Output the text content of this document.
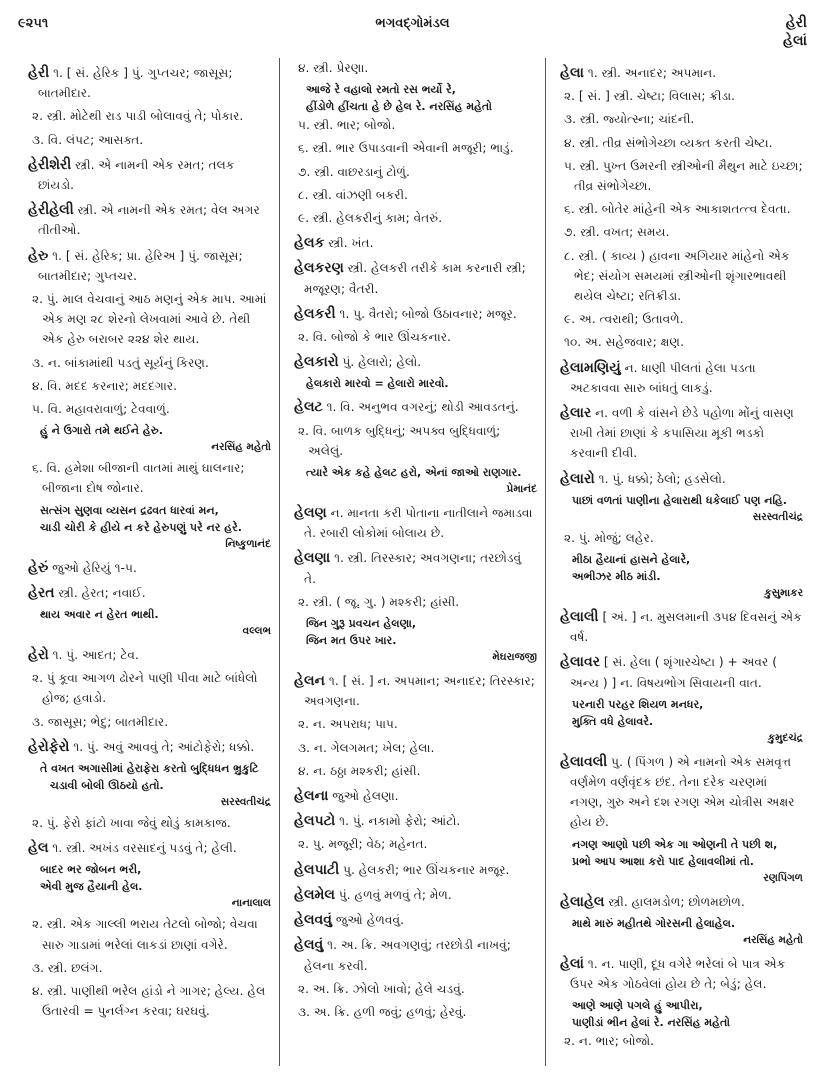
૯૨૫૧	ભગવદ્ગોમંડલ	હેરી
હેલાં
હેરી ૧. [ સં. હેરિક ] પું. ગુપ્તચર; જાસૂસ; બાતમીદાર.
૨. સ્ત્રી. મોટેથી રાડ પાડી બોલાવવું તે; પોકાર.
૩. વિ. લંપટ; આસક્ત.
હેરીશેરી સ્ત્રી. એ નામની એક રમત; તલક છાંયડો.
હેરીહેલી સ્ત્રી. એ નામની એક રમત; વેલ અગર તીતીઓ.
હેરુ ૧. [ સં. હેરિક; પ્રા. હેરિઅ ] પું. જાસૂસ; બાતમીદાર; ગુપ્તચર.
૨. પું. માલ વેચવાનું આઠ મણનું એક માપ. આમાં એક મણ ૨૮ શેરનો લેખવામાં આવે છે. તેથી એક હેરુ બરાબર ૨૨૪ શેર થાય.
૩. ન. બાંકામાંથી પડતું સૂર્યનું કિરણ.
૪. વિ. મદદ કરનાર; મદદગાર.
૫. વિ. મહાવરાવાળું; ટેવવાળું.
હું ને ઉગારો તમે થઈને હેરુ.
નરસિંહ મહેતો
૬. વિ. હમેશા બીજાની વાતમાં માથું ઘાલનાર; બીજાના દોષ જોનાર.
સત્સંગ સુણવા વ્યસન દ્રઢવત ધારવાં મન,
ચાડી ચોરી કે હીયે ન કરે હેરુપણું પરે નર હરે.
નિષ્કુળાનંદ
હેરું જુઓ હેરિયું ૧-૫.
હેરત સ્ત્રી. હેરત; નવાઈ.
થાય અવાર ન હેરત ભાથી.
વલ્લભ
હેરો ૧. પું. આદત; ટેવ.
૨. પું કૂવા આગળ ઢોરને પાણી પીવા માટે બાંધેલો હોજ; હવાડો.
૩. જાસૂસ; ભેદુ; બાતમીદાર.
હેરોફેરો ૧. પું. અવું આવવું તે; આંટોફેરો; ધક્કો.
તે વખત અગાસીમાં હેરાફેરા કરતો બુદ્ધિધન ભ્રુકુટિ ચડાવી બોલી ઊઠયો હતો.
સરસ્વતીચંદ્ર
૨. પું. ફેરો ફાંટો ખાવા જેવું થોડું કામકાજ.
હેલ ૧. સ્ત્રી. અખંડ વરસાદનું પડવું તે; હેલી.
બાદર ભર જોબન ભરી,
એવી મુજ હૈયાની હેલ.
નાનાલાલ
૨. સ્ત્રી. એક ગાલ્લી ભરાય તેટલો બોજો; વેચવા સારુ ગાડામાં ભરેલાં લાકડાં છાણાં વગેરે.
૩. સ્ત્રી. છલંગ.
૪. સ્ત્રી. પાણીથી ભરેલ હાંડો ને ગાગર; હેલ્ય. હેલ ઉતારવી = પુનર્લગ્ન કરવા; ઘરઘવું.
૪. સ્ત્રી. પ્રેરણા.
આજે રે વહાલો રમતો રસ ભર્યો રે,
હીંડોળે હીંચતા હે છે હેલ રે. નરસિંહ મહેતો
૫. સ્ત્રી. ભાર; બોજો.
૬. સ્ત્રી. ભાર ઉપાડવાની એવાની મજૂરી; ભાડું.
૭. સ્ત્રી. વાછરડાનું ટોળું.
૮. સ્ત્રી. વાંઝણી બકરી.
૯. સ્ત્રી. હેલકરીનું કામ; વેતરું.
હેલક સ્ત્રી. ખંત.
હેલકરણ સ્ત્રી. હેલકરી તરીકે કામ કરનારી સ્ત્રી; મજૂરણ; વૈતરી.
હેલકરી ૧. પુ. વૈતરો; બોજો ઉઠાવનાર; મજૂર.
૨. વિ. બોજો કે ભાર ઊંચકનાર.
હેલકારો પું. હેલારો; હેલો.
હેલકારો મારવો = હેલારો મારવો.
હેલટ ૧. વિ. અનુભવ વગરનું; થોડી આવડતનું.
૨. વિ. બાળક બુદ્ધિનું; અપક્વ બુદ્ધિવાળું; અલેલું.
ત્યારે એક કહે હેલટ હરો, એનાં જાઓ રાણગાર.
પ્રેમાનંદ
હેલણ ન. માનતા કરી પોતાના નાતીલાને જમાડવા તે. રબારી લોકોમાં બોલાય છે.
હેલણા ૧. સ્ત્રી. તિરસ્કાર; અવગણના; તરછોડવું તે.
૨. સ્ત્રી. ( જૂ. ગુ. ) મશ્કરી; હાંસી.
જિન ગુરૂ પ્રવચન હેલણા,
જિન મત ઉપર ખાર.
મેઘરાજજી
હેલન ૧. [ સં. ] ન. અપમાન; અનાદર; તિરસ્કાર; અવગણના.
૨. ન. અપરાધ; પાપ.
૩. ન. ગેલગમત; ખેલ; હેલા.
૪. ન. ઠઠ્ઠા મશ્કરી; હાંસી.
હેલના જુઓ હેલણા.
હેલપટો ૧. પું. નકામો ફેરો; આંટો.
૨. પુ. મજૂરી; વેઠ; મહેનત.
હેલપાટી પુ. હેલકરી; ભાર ઊંચકનાર મજૂર.
હેલમેલ પું. હળવું મળવું તે; મેળ.
હેલવવું જુઓ હેળવવું.
હેલવું ૧. અ. ક્રિ. અવગણવું; તરછોડી નાખવું; હેલના કરવી.
૨. અ. ક્રિ. ઝોલો ખાવો; હેલે ચડવું.
૩. અ. ક્રિ. હળી જવું; હળવું; હેરવું.
હેલા ૧. સ્ત્રી. અનાદર; અપમાન.
૨. [ સં. ] સ્ત્રી. ચેષ્ટા; વિલાસ; ક્રીડા.
૩. સ્ત્રી. જ્યોત્સ્ના; ચાંદની.
૪. સ્ત્રી. તીવ્ર સંભોગેચ્છા વ્યક્ત કરતી ચેષ્ટા.
૫. સ્ત્રી. પુખ્ત ઉમરની સ્ત્રીઓની મૈથુન માટે ઇચ્છા; તીવ્ર સંભોગેચ્છા.
૬. સ્ત્રી. બોતેર માંહેની એક આકાશતત્ત્વ દેવતા.
૭. સ્ત્રી. વખત; સમય.
૮. સ્ત્રી. ( કાવ્ય ) હાવના અગિયાર માંહેનો એક ભેદ; સંયોગ સમયમાં સ્ત્રીઓની શૃંગારભાવથી થયેલ ચેષ્ટા; રતિક્રીડા.
૯. અ. ત્વરાથી; ઉતાવળે.
૧૦. અ. સહેજવાર; ક્ષણ.
હેલામણિયું ન. ધાણી પીલતાં હેલા પડતા અટકાવવા સારુ બાંધતું લાકડું.
હેલાર ન. વળી કે વાંસને છેડે પહોળા મોંનું વાસણ રાખી તેમાં છાણાં કે કપાસિયા મૂકી ભડકો કરવાની દીવી.
હેલારો ૧. પું. ધક્કો; ઠેલો; હડસેલો.
પાછાં વળતાં પાણીના હેલારાથી ધકેલાઈ પણ નહિ.
સરસ્વતીચંદ્ર
૨. પું. મોજું; લહેર.
મીઠા હૈયાનાં હાસને હેલારે,
અભીઝર મીઠ માંડી.
કુસુમાકર
હેલાલી [ અં. ] ન. મુસલમાની ૩૫૪ દિવસનું એક વર્ષ.
હેલાવર [ સં. હેલા ( શૃંગારચેષ્ટા ) + અવર ( અન્ય ) ] ન. વિષયભોગ સિવાયની વાત.
પરનારી પરહર શિયળ મનધર,
મુક્તિ વધે હેલાવરે.
કુમુદચંદ્ર
હેલાવલી પુ. ( પિંગળ ) એ નામનો એક સમવૃત્ત વર્ણમેળ વર્ણવૃંદક છંદ. તેના દરેક ચરણમાં નગણ, ગુરુ અને દશ રગણ એમ ચોત્રીસ અક્ષર હોય છે.
નગણ આણો પછી એક ગા ઓણની તે પછી શ,
પ્રભો આપ આશા કરો પાદ હેલાવલીમાં તો.
રણપિંગળ
હેલાહેલ સ્ત્રી. હાલમડોળ; છોળમછોળ.
માથે મારું મહીતથે ગોરસની હેલાહેલ.
નરસિંહ મહેતો
હેલાં ૧. ન. પાણી, દૂધ વગેરે ભરેલાં બે પાત્ર એક ઉપર એક ગોઠવેલાં હોય છે તે; બેડું; હેલ.
આણે આણે પગલે હું આપીરા,
પાણીડાં ભીન હેલાં રે. નરસિંહ મહેતો
૨. ન. ભાર; બોજો.
